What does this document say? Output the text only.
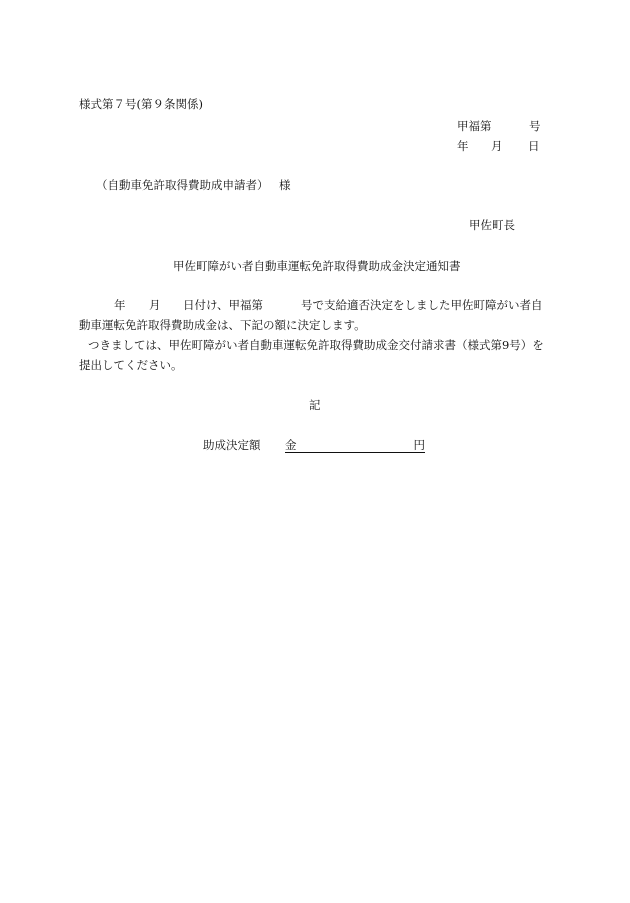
様式第７号(第９条関係)
甲福第	号
年 月 日
（自動車免許取得費助成申請者） 様
甲佐町長
甲佐町障がい者自動車運転免許取得費助成金決定通知書
年 月 日付け、甲福第	号で支給適否決定をしました甲佐町障がい者自
動車運転免許取得費助成金は、下記の額に決定します。
つきましては、甲佐町障がい者自動車運転免許取得費助成金交付請求書（様式第9号）を
提出してください。
記
助成決定額 金	円
